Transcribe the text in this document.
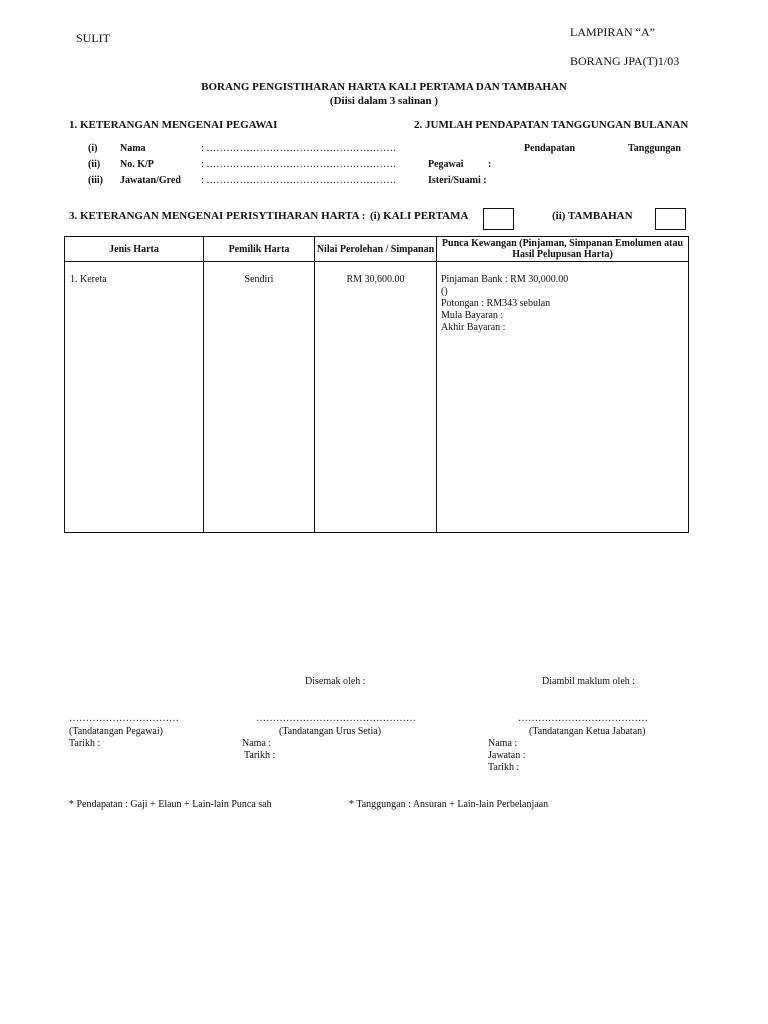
SULIT	LAMPIRAN “A”
BORANG JPA(T)1/03
BORANG PENGISTIHARAN HARTA KALI PERTAMA DAN TAMBAHAN
(Diisi dalam 3 salinan )
1. KETERANGAN MENGENAI PEGAWAI
(i) Nama	: …………………………………………………
(ii) No. K/P	: …………………………………………………
(iii) Jawatan/Gred : …………………………………………………
2. JUMLAH PENDAPATAN TANGGUNGAN BULANAN
Pendapatan	Tanggungan
Pegawai :
Isteri/Suami :
3. KETERANGAN MENGENAI PERISYTIHARAN HARTA : (i) KALI PERTAMA	(ii) TAMBAHAN
Jenis Harta	Pemilik Harta	Nilai Perolehan / Simpanan	Punca Kewangan (Pinjaman, Simpanan Emolumen atau Hasil Pelupusan Harta)
1. Kereta	Sendiri	RM 30,600.00	Pinjaman Bank : RM 30,000.00
()
Potongan : RM343 sebulan
Mula Bayaran :
Akhir Bayaran :
Disemak oleh :	Diambil maklum oleh :
……………………………	…………………………………………	…………………………………
(Tandatangan Pegawai)
Tarikh :
(Tandatangan Urus Setia)
Nama :
Tarikh :
(Tandatangan Ketua Jabatan)
Nama :
Jawatan :
Tarikh :
* Pendapatan : Gaji + Elaun + Lain-lain Punca sah	* Tanggungan : Ansuran + Lain-lain Perbelanjaan
